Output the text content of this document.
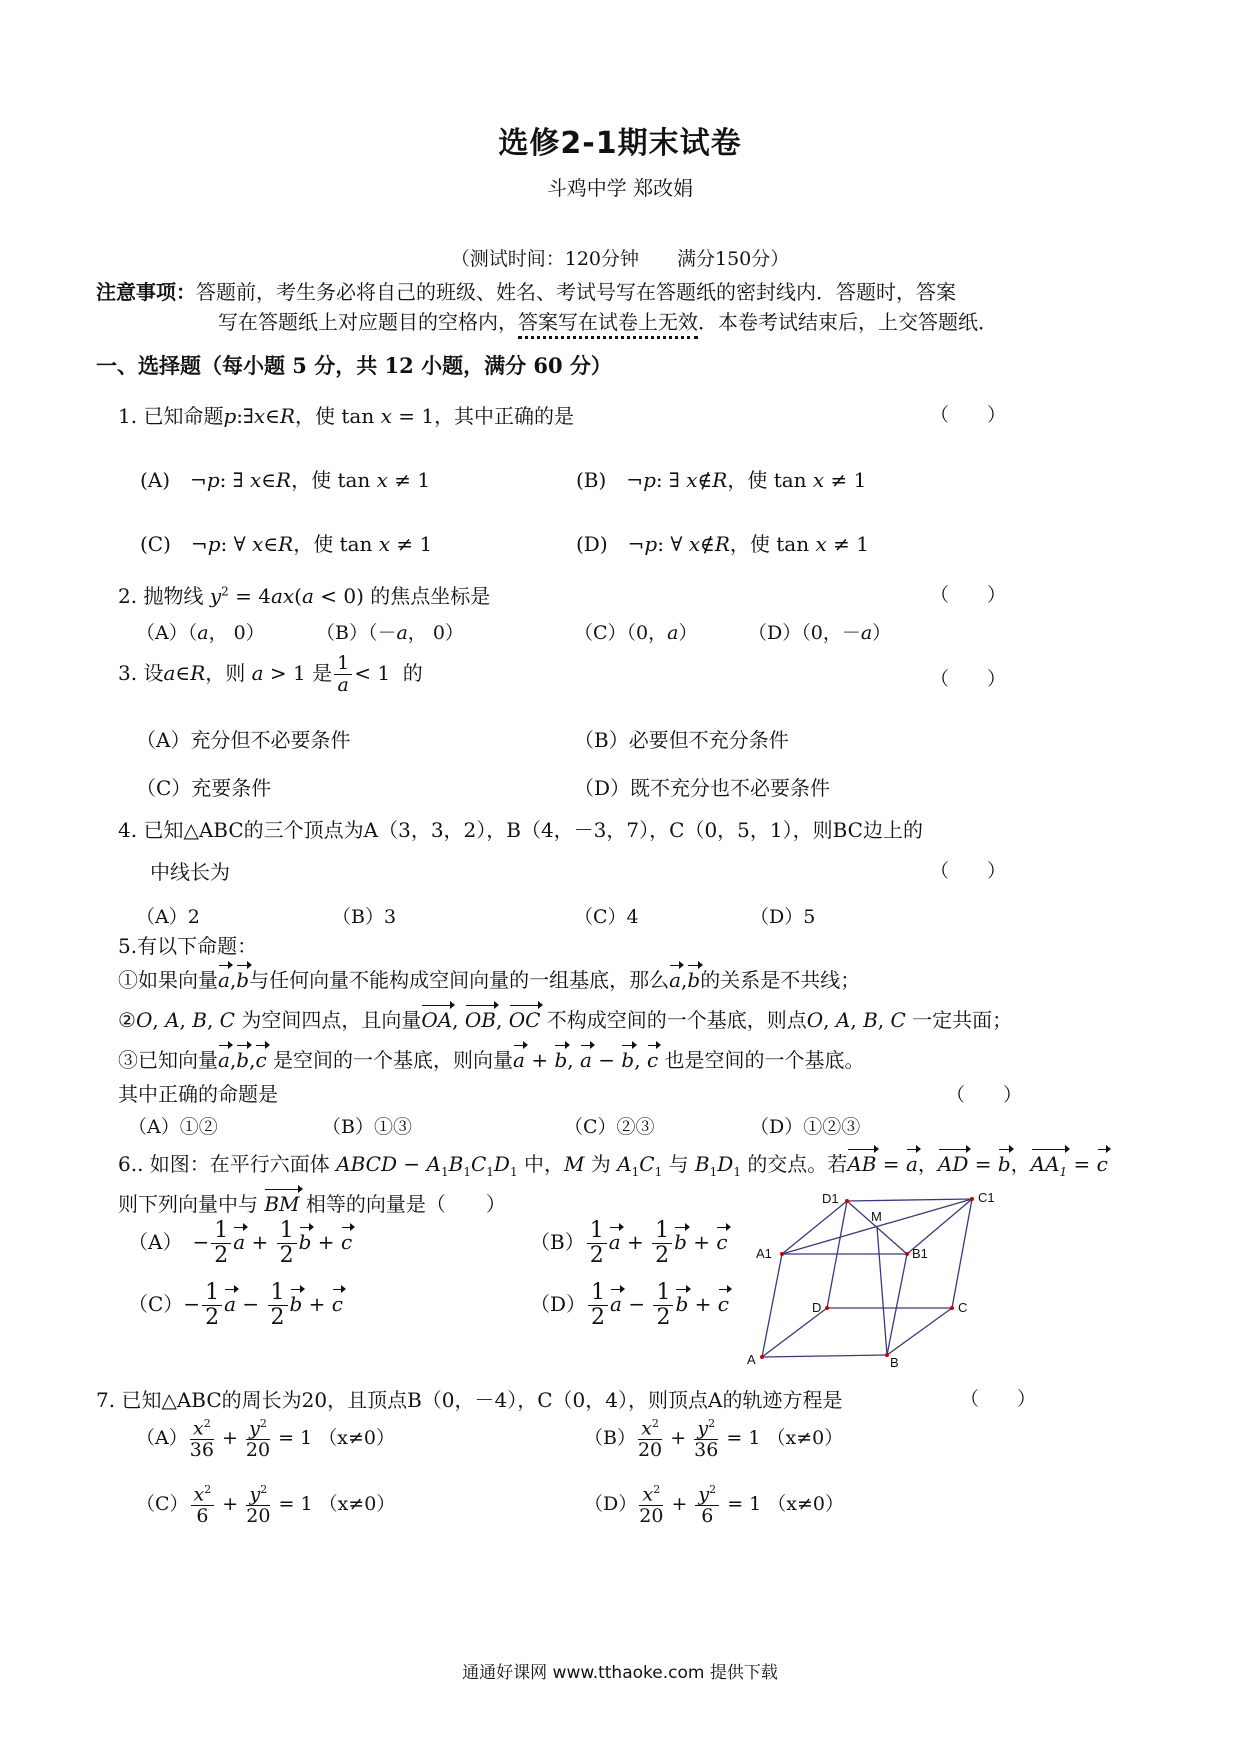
选修2-1期末试卷
斗鸡中学 郑改娟
（测试时间：120分钟　　满分150分）
注意事项：答题前，考生务必将自己的班级、姓名、考试号写在答题纸的密封线内．答题时，答案
写在答题纸上对应题目的空格内，答案写在试卷上无效．本卷考试结束后，上交答题纸．
一、选择题（每小题 5 分，共 12 小题，满分 60 分）
1. 已知命题p:∃x∈R，使 tan x = 1，其中正确的是	（　　）
(A)　¬p: ∃ x∈R，使 tan x ≠ 1	(B)　¬p: ∃ x∉R，使 tan x ≠ 1
(C)　¬p: ∀ x∈R，使 tan x ≠ 1	(D)　¬p: ∀ x∉R，使 tan x ≠ 1
2. 抛物线 $y^2 = 4ax(a < 0)$ 的焦点坐标是	（　　）
（A）（a， 0）	（B）（－a， 0）	（C）（0，a）	（D）（0，－a）
3. 设a∈R，则 a > 1 是 $\frac{1}{a} < 1$  的	（　　）
（A）充分但不必要条件	（B）必要但不充分条件
（C）充要条件	（D）既不充分也不必要条件
4. 已知△ABC的三个顶点为A（3，3，2），B（4，－3，7），C（0，5，1），则BC边上的
中线长为	（　　）
（A）2	（B）3	（C）4	（D）5
5.有以下命题：
①如果向量a,b与任何向量不能构成空间向量的一组基底，那么a,b的关系是不共线；
②O, A, B, C 为空间四点，且向量OA, OB, OC 不构成空间的一个基底，则点O, A, B, C 一定共面；
③已知向量a,b,c 是空间的一个基底，则向量a + b, a − b, c 也是空间的一个基底。
其中正确的命题是	（　　）
（A）①②	（B）①③	（C）②③	（D）①②③
6.. 如图：在平行六面体 ABCD − $A_1B_1C_1D_1$ 中，M 为 $A_1C_1$ 与 $B_1D_1$ 的交点。若AB = a，AD = b，$AA_1 = c$
则下列向量中与 BM 相等的向量是（　　）
（A）　− $\frac{1}{2}$ $a + \frac{1}{2}$ b + c	$(B) \frac{1}{2}$ $a + \frac{1}{2}$ b + c
$(C)- \frac{1}{2}$ $a - \frac{1}{2}$ b + c	$(D) \frac{1}{2}$ $a - \frac{1}{2}$ b + c
D1
M
C1
A1	B1
D	C
A	B
7. 已知△ABC的周长为20，且顶点B（0，－4），C（0，4），则顶点A的轨迹方程是	（　　）
$(A) \frac{x^2}{36} + \frac{y^2}{20} = 1$ （x≠0）	$(B) \frac{x^2}{20} + \frac{y^2}{36} = 1$ （x≠0）
$(C) \frac{x^2}{6} + \frac{y^2}{20} = 1$ （x≠0）	$(D) \frac{x^2}{20} + \frac{y^2}{6} = 1$ （x≠0）
通通好课网 www.tthaoke.com 提供下载
